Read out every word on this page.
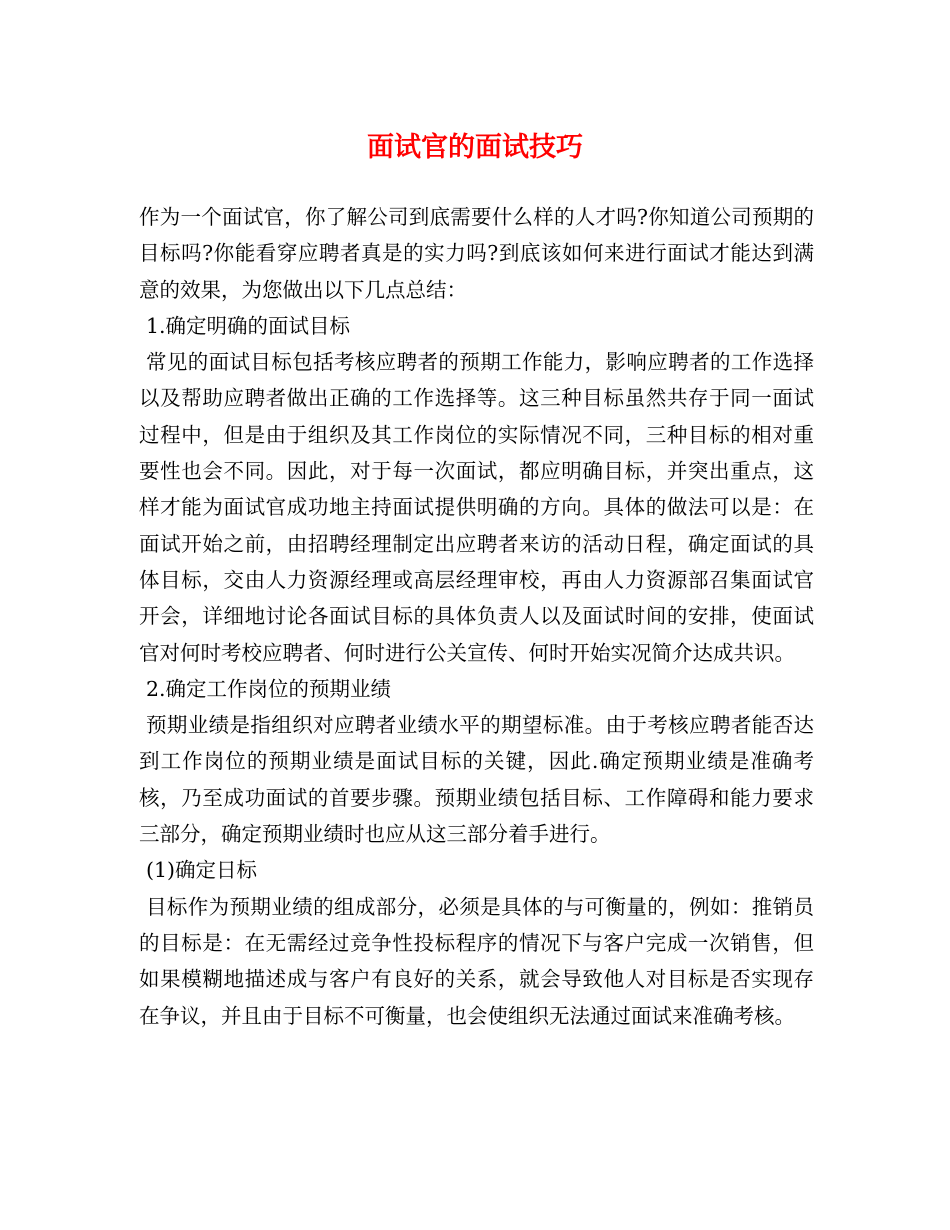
面试官的面试技巧

作为一个面试官，你了解公司到底需要什么样的人才吗?你知道公司预期的目标吗?你能看穿应聘者真是的实力吗?到底该如何来进行面试才能达到满意的效果，为您做出以下几点总结：

1.确定明确的面试目标

常见的面试目标包括考核应聘者的预期工作能力，影响应聘者的工作选择以及帮助应聘者做出正确的工作选择等。这三种目标虽然共存于同一面试过程中，但是由于组织及其工作岗位的实际情况不同，三种目标的相对重要性也会不同。因此，对于每一次面试，都应明确目标，并突出重点，这样才能为面试官成功地主持面试提供明确的方向。具体的做法可以是：在面试开始之前，由招聘经理制定出应聘者来访的活动日程，确定面试的具体目标，交由人力资源经理或高层经理审校，再由人力资源部召集面试官开会，详细地讨论各面试目标的具体负责人以及面试时间的安排，使面试官对何时考校应聘者、何时进行公关宣传、何时开始实况简介达成共识。

2.确定工作岗位的预期业绩

预期业绩是指组织对应聘者业绩水平的期望标准。由于考核应聘者能否达到工作岗位的预期业绩是面试目标的关键，因此.确定预期业绩是准确考核，乃至成功面试的首要步骤。预期业绩包括目标、工作障碍和能力要求三部分，确定预期业绩时也应从这三部分着手进行。

(1)确定日标

目标作为预期业绩的组成部分，必须是具体的与可衡量的，例如：推销员的目标是：在无需经过竞争性投标程序的情况下与客户完成一次销售，但如果模糊地描述成与客户有良好的关系，就会导致他人对目标是否实现存在争议，并且由于目标不可衡量，也会使组织无法通过面试来准确考核。
